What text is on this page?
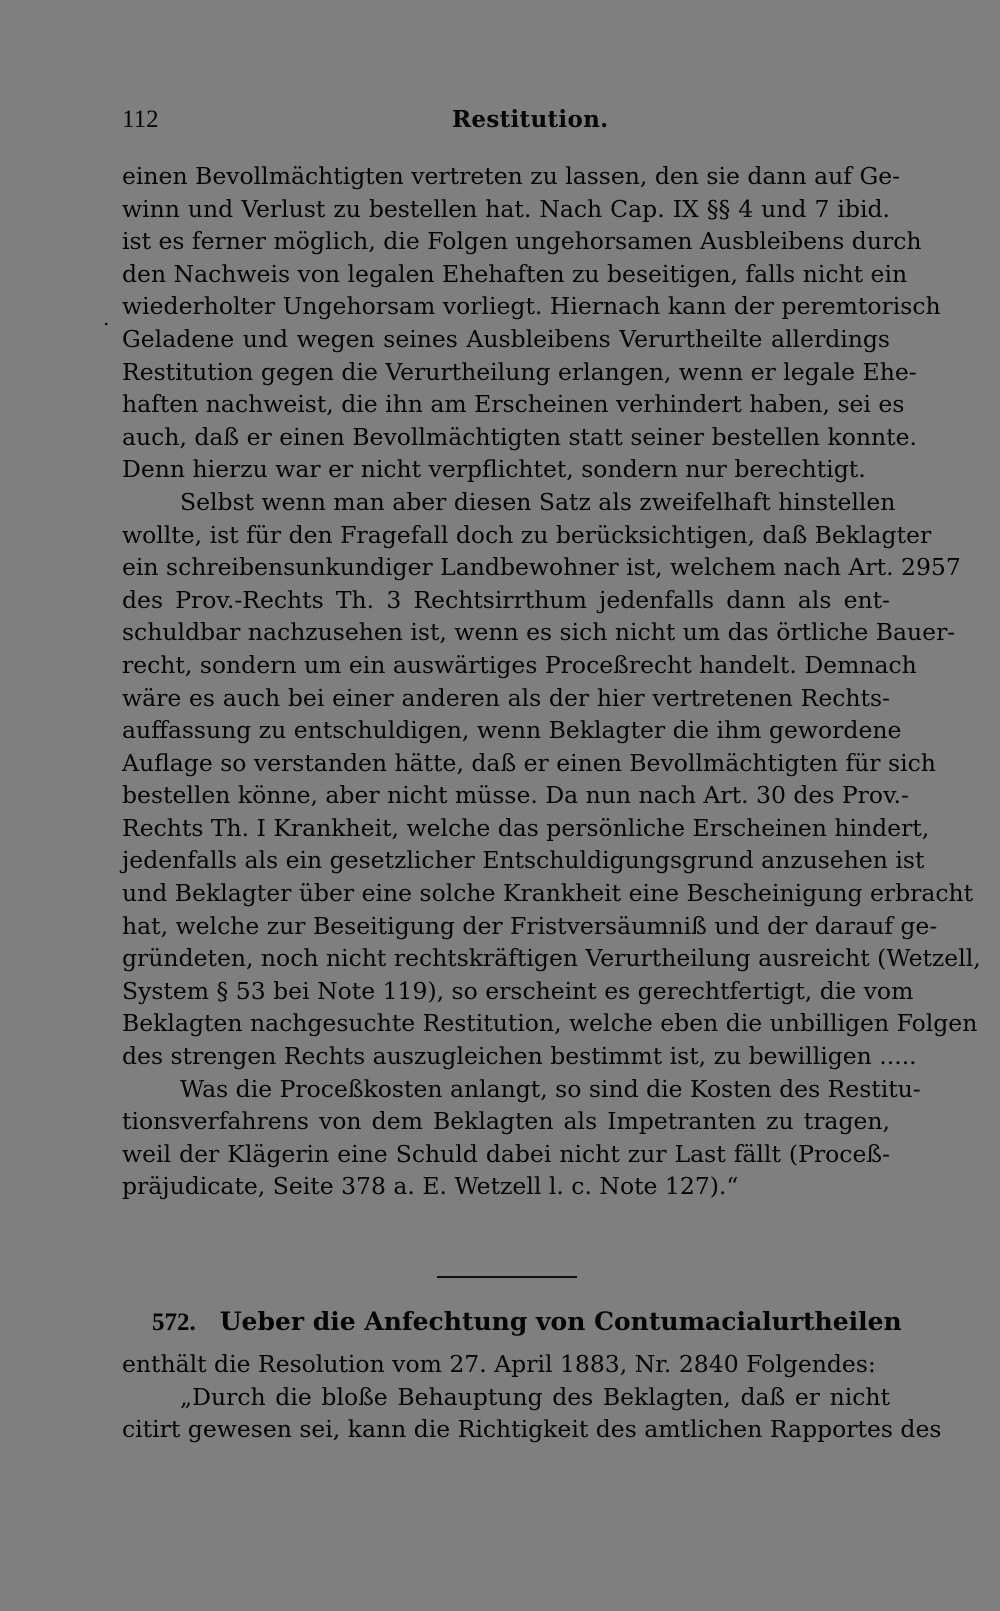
112	Restitution.
.
einen Bevollmächtigten vertreten zu lassen, den sie dann auf Ge-
winn und Verlust zu bestellen hat. Nach Cap. IX §§ 4 und 7 ibid.
ist es ferner möglich, die Folgen ungehorsamen Ausbleibens durch
den Nachweis von legalen Ehehaften zu beseitigen, falls nicht ein
wiederholter Ungehorsam vorliegt. Hiernach kann der peremtorisch
Geladene und wegen seines Ausbleibens Verurtheilte allerdings
Restitution gegen die Verurtheilung erlangen, wenn er legale Ehe-
haften nachweist, die ihn am Erscheinen verhindert haben, sei es
auch, daß er einen Bevollmächtigten statt seiner bestellen konnte.
Denn hierzu war er nicht verpflichtet, sondern nur berechtigt.
Selbst wenn man aber diesen Satz als zweifelhaft hinstellen
wollte, ist für den Fragefall doch zu berücksichtigen, daß Beklagter
ein schreibensunkundiger Landbewohner ist, welchem nach Art. 2957
des Prov.-Rechts Th. 3 Rechtsirrthum jedenfalls dann als ent-
schuldbar nachzusehen ist, wenn es sich nicht um das örtliche Bauer-
recht, sondern um ein auswärtiges Proceßrecht handelt. Demnach
wäre es auch bei einer anderen als der hier vertretenen Rechts-
auffassung zu entschuldigen, wenn Beklagter die ihm gewordene
Auflage so verstanden hätte, daß er einen Bevollmächtigten für sich
bestellen könne, aber nicht müsse. Da nun nach Art. 30 des Prov.-
Rechts Th. I Krankheit, welche das persönliche Erscheinen hindert,
jedenfalls als ein gesetzlicher Entschuldigungsgrund anzusehen ist
und Beklagter über eine solche Krankheit eine Bescheinigung erbracht
hat, welche zur Beseitigung der Fristversäumniß und der darauf ge-
gründeten, noch nicht rechtskräftigen Verurtheilung ausreicht (Wetzell,
System § 53 bei Note 119), so erscheint es gerechtfertigt, die vom
Beklagten nachgesuchte Restitution, welche eben die unbilligen Folgen
des strengen Rechts auszugleichen bestimmt ist, zu bewilligen .....
Was die Proceßkosten anlangt, so sind die Kosten des Restitu-
tionsverfahrens von dem Beklagten als Impetranten zu tragen,
weil der Klägerin eine Schuld dabei nicht zur Last fällt (Proceß-
präjudicate, Seite 378 a. E. Wetzell l. c. Note 127).“
572. Ueber die Anfechtung von Contumacialurtheilen
enthält die Resolution vom 27. April 1883, Nr. 2840 Folgendes:
„Durch die bloße Behauptung des Beklagten, daß er nicht
citirt gewesen sei, kann die Richtigkeit des amtlichen Rapportes des
